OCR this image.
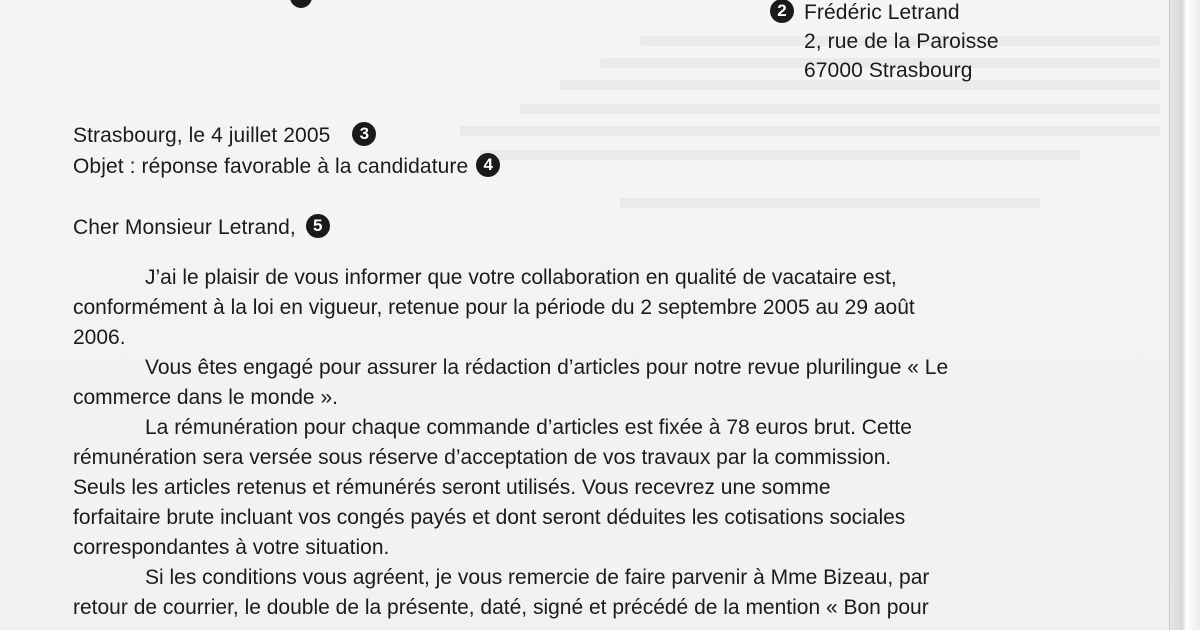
2 Frédéric Letrand
2, rue de la Paroisse
67000 Strasbourg
Strasbourg, le 4 juillet 2005 3
Objet : réponse favorable à la candidature 4
Cher Monsieur Letrand, 5

J’ai le plaisir de vous informer que votre collaboration en qualité de vacataire est,

conformément à la loi en vigueur, retenue pour la période du 2 septembre 2005 au 29 août

2006.

Vous êtes engagé pour assurer la rédaction d’articles pour notre revue plurilingue « Le

commerce dans le monde ».

La rémunération pour chaque commande d’articles est fixée à 78 euros brut. Cette

rémunération sera versée sous réserve d’acceptation de vos travaux par la commission.

Seuls les articles retenus et rémunérés seront utilisés. Vous recevrez une somme

forfaitaire brute incluant vos congés payés et dont seront déduites les cotisations sociales

correspondantes à votre situation.

Si les conditions vous agréent, je vous remercie de faire parvenir à Mme Bizeau, par

retour de courrier, le double de la présente, daté, signé et précédé de la mention « Bon pour
